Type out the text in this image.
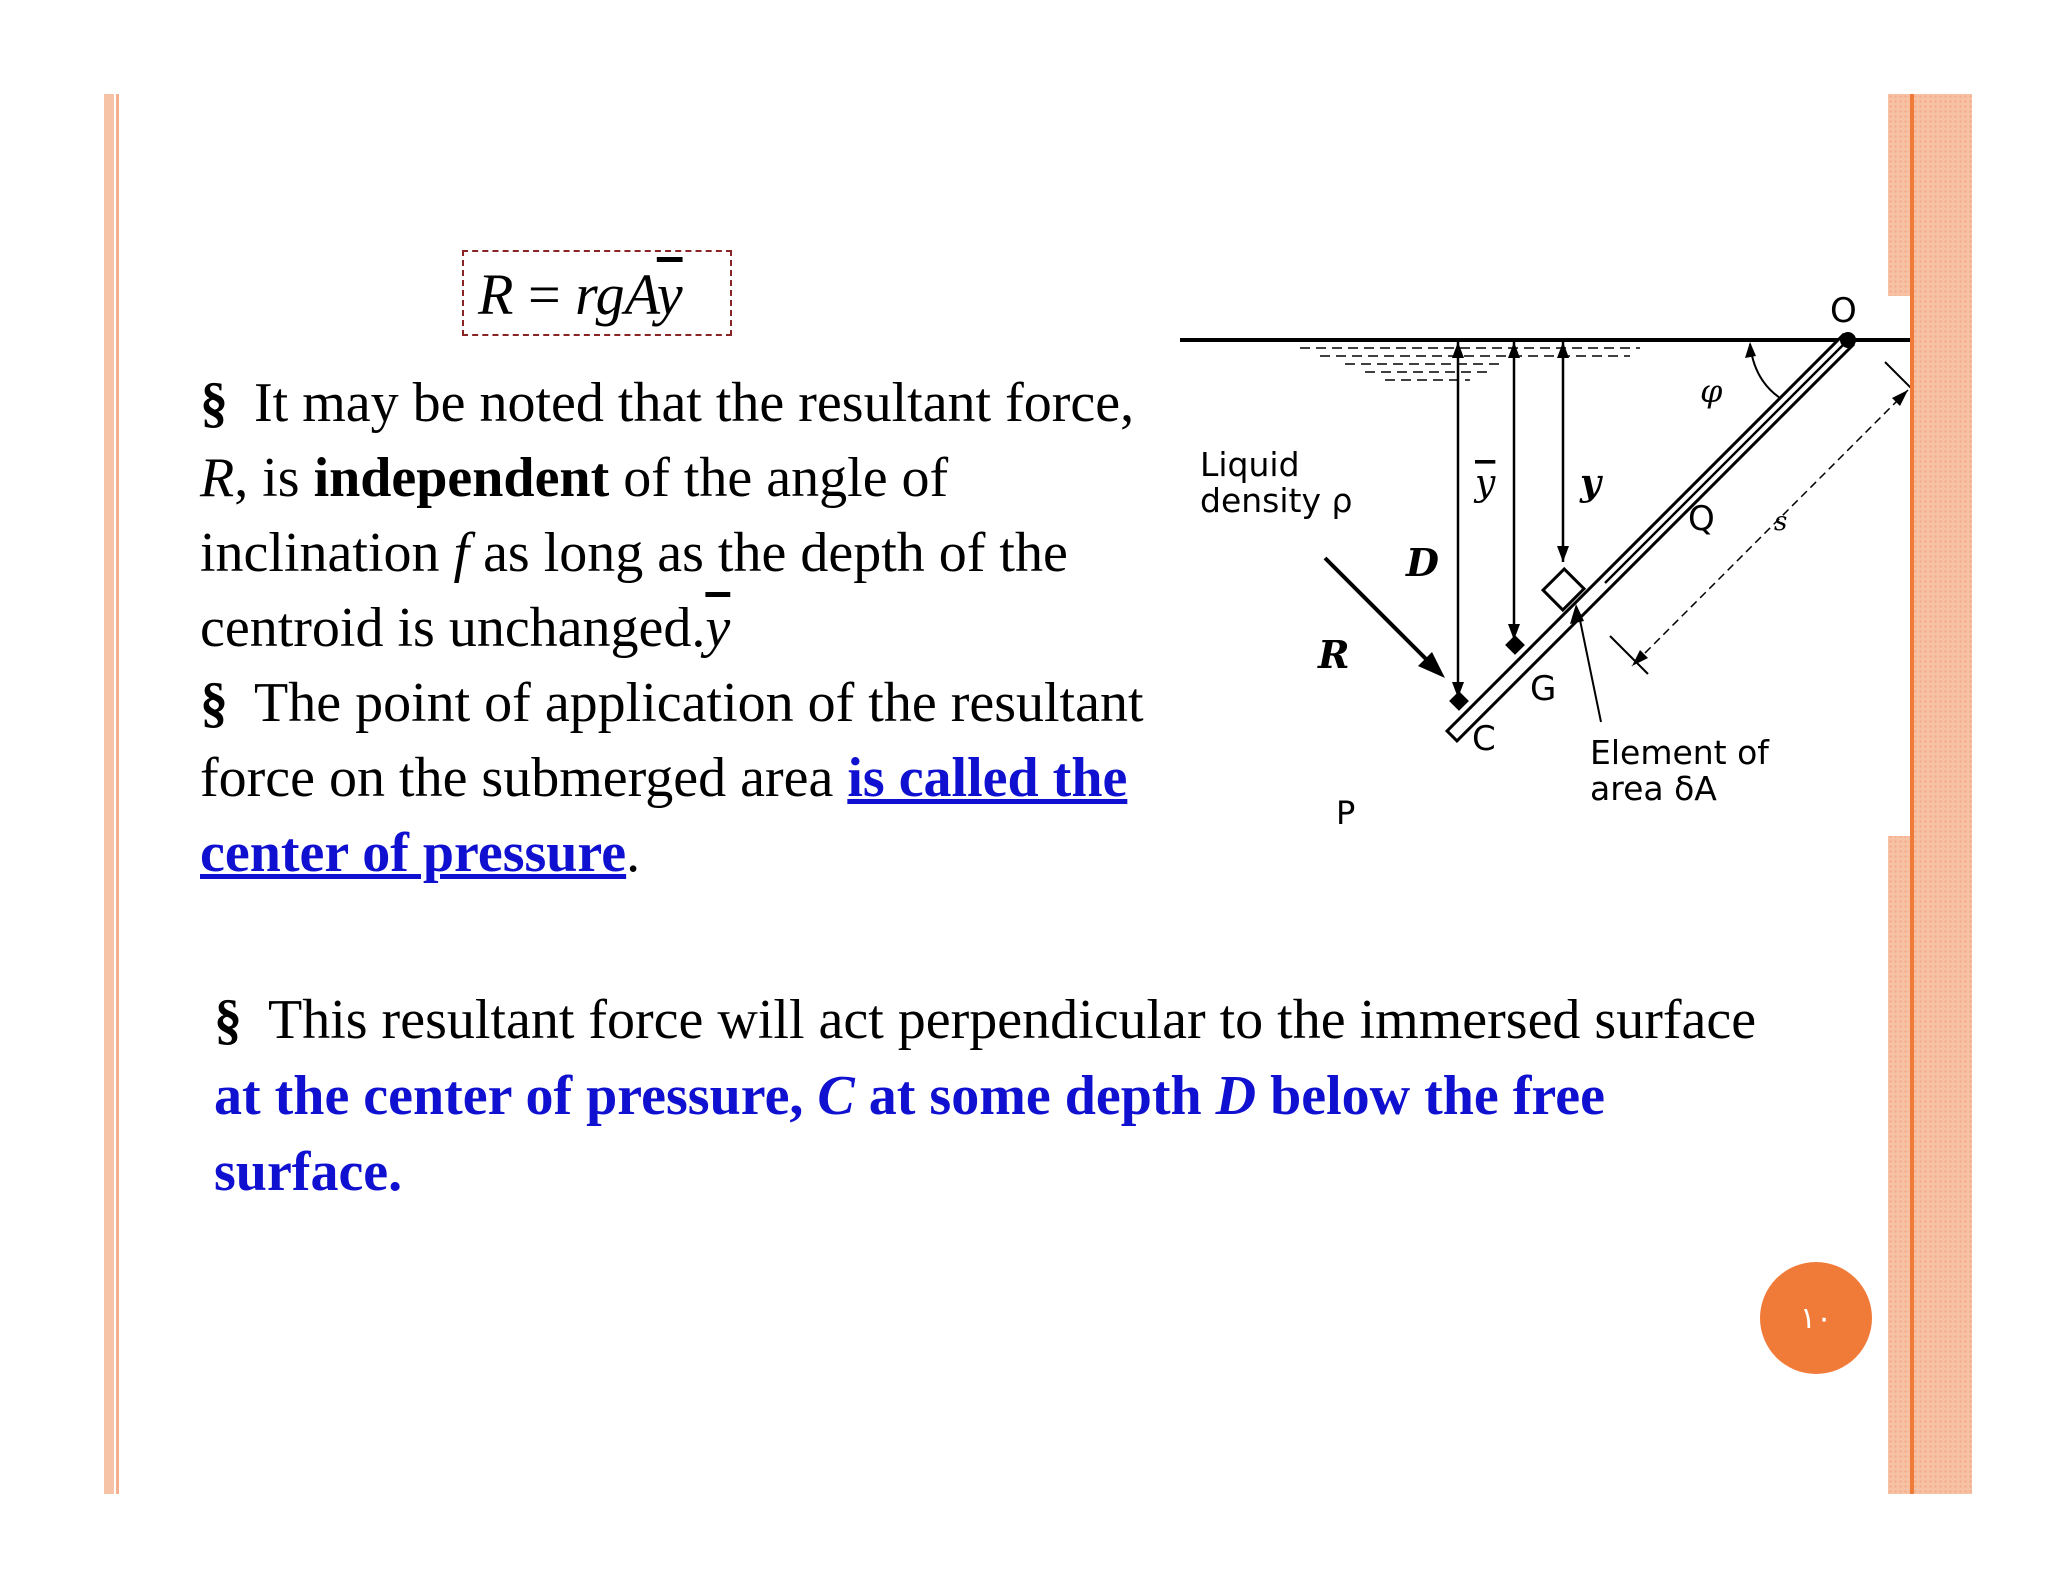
$R = rgA\overline{y}$
§ It may be noted that the resultant force, R, is independent of the angle of inclination f as long as the depth of the centroid is $unchanged.\overline{y}$
§ The point of application of the resultant force on the submerged area is called the center of pressure.
Liquid
density ρ
O
φ
y y
Q s
D
R
G
C
P
Element of
area δA
§ This resultant force will act perpendicular to the immersed surface at the center of pressure, C at some depth D below the free surface.
١٠
